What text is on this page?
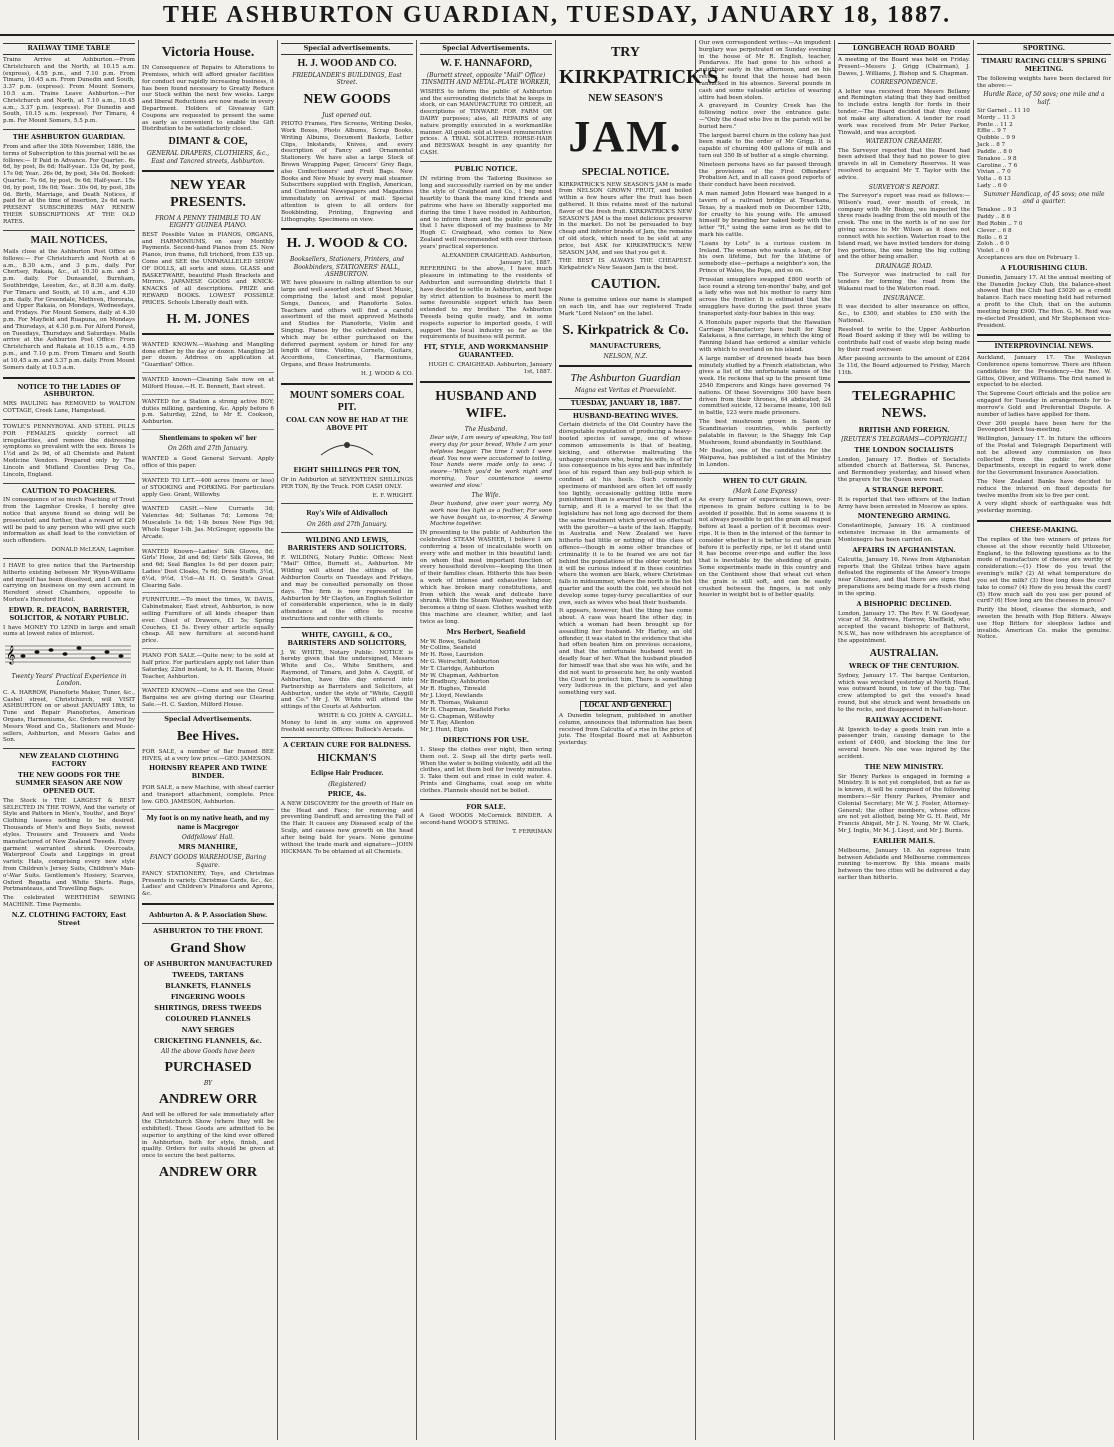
THE ASHBURTON GUARDIAN, TUESDAY, JANUARY 18, 1887.
RAILWAY TIME TABLE

Trains Arrive at Ashburton.—From Christchurch and the North, at 10.15 a.m. (express), 4.55 p.m., and 7.10 p.m. From Timaru, 10.45 a.m. From Dunedin and South, 3.37 p.m. (express). From Mount Somers, 10.5 a.m. Trains Leave Ashburton.—For Christchurch and North, at 7.10 a.m., 10.45 a.m., 3.37 p.m. (express). For Dunedin and South, 10.15 a.m. (express). For Timaru, 4 p.m. For Mount Somers, 5.5 p.m.

THE ASHBURTON GUARDIAN.

From and after the 30th November, 1886, the terms of Subscription to this journal will be as follows:— If Paid in Advance. For Quarter.. 6s 6d, by post, 8s 6d; Half-year.. 13s 0d, by post, 17s 0d; Year.. 26s 0d, by post, 34s 0d. Booked: Quarter.. 7s 6d, by post, 9s 6d; Half-year.. 15s 0d, by post, 19s 0d; Year.. 30s 0d, by post, 38s 0d. Birth, Marriage, and Death Notices, if paid for at the time of insertion, 2s 6d each. PRESENT SUBSCRIBERS MAY RENEW THEIR SUBSCRIPTIONS AT THE OLD RATES.

MAIL NOTICES.

Mails close at the Ashburton Post Office as follows:— For Christchurch and North at 6 a.m., 8.30 a.m., and 3 p.m., daily. For Chertsey, Rakaia, &c., at 10.30 a.m. and 3 p.m. daily. For Dunsandel, Burnham, Southbridge, Leeston, &c., at 8.30 a.m. daily. For Timaru and South, at 10 a.m., and 4.30 p.m. daily. For Greendale, Methven, Hororata, and Upper Rakaia, on Mondays, Wednesdays, and Fridays. For Mount Somers, daily at 4.30 p.m. For Mayfield and Ruapuna, on Mondays and Thursdays, at 4.30 p.m. For Alford Forest, on Tuesdays, Thursdays and Saturdays. Mails arrive at the Ashburton Post Office: From Christchurch and Rakaia at 10.15 a.m., 4.55 p.m., and 7.10 p.m. From Timaru and South at 10.45 a.m. and 3.37 p.m. daily. From Mount Somers daily at 10.5 a.m.

NOTICE TO THE LADIES OF ASHBURTON.

MRS PAULING has REMOVED to WALTON COTTAGE, Creek Lane, Hampstead.

TOWLE'S PENNYROYAL AND STEEL PILLS FOR FEMALES quickly correct all irregularities, and remove the distressing symptoms so prevalent with the sex. Boxes 1s 1½d and 2s 9d, of all Chemists and Patent Medicine Vendors. Prepared only by The Lincoln and Midland Counties Drug Co., Lincoln, England.

CAUTION TO POACHERS.

IN consequence of so much Poaching of Trout from the Lagmhor Creeks, I hereby give notice that anyone found so doing will be prosecuted; and further, that a reward of £20 will be paid to any person who will give such information as shall lead to the conviction of such offenders.

DONALD McLEAN, Lagmhor.

I HAVE to give notice that the Partnership hitherto existing between Mr Wynn-Williams and myself has been dissolved, and I am now carrying on business on my own account in Hereford street Chambers, opposite to Morten's Hereford Hotel.

EDWD. R. DEACON, BARRISTER, SOLICITOR, & NOTARY PUBLIC.

I have MONEY TO LEND in large and small sums at lowest rates of interest.

𝄞
Twenty Years' Practical Experience in London.

C. A. HARROW, Pianoforte Maker, Tuner, &c., Cashel street, Christchurch, will VISIT ASHBURTON on or about JANUARY 18th, to Tune and Repair Pianofortes, American Organs, Harmoniums, &c. Orders received by Messrs Wood and Co., Stationers and Music-sellers, Ashburton, and Messrs Gates and Son.

NEW ZEALAND CLOTHING FACTORY
THE NEW GOODS FOR THE SUMMER SEASON ARE NOW OPENED OUT.

The Stock is THE LARGEST & BEST SELECTED IN THE TOWN, And the variety of Style and Pattern in Men's, Youths', and Boys' Clothing leaves nothing to be desired. Thousands of Men's and Boys Suits, newest styles. Trousers and Trousers and Vests manufactured of New Zealand Tweeds. Every garment warranted shrunk. Overcoats, Waterproof Coats and Leggings in great variety. Hats, comprising every new style from Children's Jersey Suits, Children's Man-o'-War Suits. Gentlemen's Hosiery, Scarves, Oxford Regatta and White Shirts. Rugs, Portmanteaus, and Travelling Bags.

The celebrated WERTHEIM SEWING MACHINE. Time Payments.

N.Z. CLOTHING FACTORY, East Street
Victoria House.

IN Consequence of Repairs to Alterations to Premises, which will afford greater facilities for conduct our rapidly increasing business, it has been found necessary to Greatly Reduce our Stock within the next few weeks. Large and liberal Reductions are now made in every Department. Holders of Giveaway Gift Coupons are requested to present the same as early as convenient to enable the Gift Distribution to be satisfactorily closed.

DIMANT & COE,
GENERAL DRAPERS, CLOTHIERS, &c., East and Tancred streets, Ashburton.
NEW YEAR PRESENTS.
FROM A PENNY THIMBLE TO AN EIGHTY GUINEA PIANO.

BEST Possible Value in PIANOS, ORGANS, and HARMONIUMS, on easy Monthly Payments. Second-hand Pianos from £5. New Pianos, iron frame, full trichord, from £35 up. Come and SEE the UNPARALLELED SHOW OF DOLLS, all sorts and sizes. GLASS and BASKETWARE, beautiful Plush Brackets and Mirrors. JAPANESE GOODS and KNICK-KNACKS of all descriptions. PRIZE and REWARD BOOKS. LOWEST POSSIBLE PRICES. Schools Liberally dealt with.

H. M. JONES

WANTED KNOWN.—Washing and Mangling done either by the day or dozen. Mangling 3d per dozen. Address on application at "Guardian" Office.

WANTED known—Cleaning Sale now on at Milford House.—H. E. Bennett, East street.

WANTED for a Station a strong active BOY; duties milking, gardening, &c. Apply before 6 p.m. Saturday, 22nd, to Mr E. Cookson, Ashburton.

Shentlemans to spoken wi' her
On 26th and 27th January.

WANTED a Good General Servant. Apply office of this paper.

WANTED TO LET.—400 acres (more or less) of STOOKING and FORKING. For particulars apply Geo. Grant, Willowby.

WANTED CASH.—New Currants 3d; Valencias 4d; Sultanas 7d; Lemons 7d; Muscatels 1s 6d; 1-lb boxes New Figs 9d; Whole Sugar 1-lb. Jas. McGregor, opposite the Arcade.

WANTED Known—Ladies' Silk Gloves, 8d; Girls' Hose, 2d and 6d; Girls' Silk Gloves, 9d and 6d; Seal Bangles 1s 6d per dozen pair; Ladies' Dust Cloaks, 7s 6d; Dress Stuffs, 3½d, 6½d, 9½d, 1½d—At H. O. Smith's Great Clearing Sale.

FURNITURE.—To meet the times, W. DAVIS, Cabinetmaker, East street, Ashburton, is now selling Furniture of all kinds cheaper than ever. Chest of Drawers, £1 5s; Spring Couches, £1 5s. Every other article equally cheap. All new furniture at second-hand price.

PIANO FOR SALE.—Quite new; to be sold at half price. For particulars apply not later than Saturday, 22nd instant, to A. H. Bacon, Music Teacher, Ashburton.

WANTED KNOWN.—Come and see the Great Bargains we are giving during our Clearing Sale.—H. C. Saxton, Milford House.

Special Advertisements.
Bee Hives.

FOR SALE, a number of Bar framed BEE HIVES, at a very low price.—GEO. JAMESON.

HORNSBY REAPER AND TWINE BINDER.

FOR SALE, a new Machine, with sheaf carrier and transport attachment, complete. Price low. GEO. JAMESON, Ashburton.

My foot is on my native heath, and my name is Macgregor
Oddfellows' Hall.
MRS MANHIRE,
FANCY GOODS WAREHOUSE, Baring Square.

FANCY STATIONERY, Toys, and Christmas Presents in variety. Christmas Cards, &c., &c. Ladies' and Children's Pinafores and Aprons, &c.

Ashburton A. & P. Association Show.
ASHBURTON TO THE FRONT.
Grand Show
OF ASHBURTON MANUFACTURED
TWEEDS, TARTANS
BLANKETS, FLANNELS
FINGERING WOOLS
SHIRTINGS, DRESS TWEEDS
COLOURED FLANNELS
NAVY SERGES
CRICKETING FLANNELS, &c.
All the above Goods have been
PURCHASED
BY
ANDREW ORR

And will be offered for sale immediately after the Christchurch Show (where they will be exhibited). These Goods are admitted to be superior to anything of the kind ever offered in Ashburton, both for style, finish, and quality. Orders for suits should be given at once to secure the best patterns.

ANDREW ORR
Special advertisements.
H. J. WOOD AND CO.
FRIEDLANDER'S BUILDINGS, East Street.
NEW GOODS
Just opened out.

PHOTO Frames, Fire Screens, Writing Desks, Work Boxes, Photo Albums, Scrap Books, Writing Albums, Document Baskets, Letter Clips, Inkstands, Knives, and every description of Fancy and Ornamental Stationery. We have also a large Stock of Brown Wrapping Paper, Grocers' Grey Bags, also Confectioners' and Fruit Bags. New Books and New Music by every mail steamer. Subscribers supplied with English, American, and Continental Newspapers and Magazines immediately on arrival of mail. Special attention is given to all orders for Bookbinding, Printing, Engraving and Lithography. Specimens on view.

H. J. WOOD & CO.
Booksellers, Stationers, Printers, and Bookbinders, STATIONERS' HALL, ASHBURTON.

WE have pleasure in calling attention to our large and well assorted stock of Sheet Music, comprising the latest and most popular Songs, Dances, and Pianoforte Solos. Teachers and others will find a careful assortment of the most approved Methods and Studies for Pianoforte, Violin and Singing. Pianos by the celebrated makers, which may be either purchased on the deferred payment system or hired for any length of time. Violins, Cornets, Guitars, Accordions, Concertinas, Harmoniums, Organs, and Brass Instruments.

H. J. WOOD & CO.
MOUNT SOMERS COAL PIT.
COAL CAN NOW BE HAD AT THE ABOVE PIT
EIGHT SHILLINGS PER TON,

Or in Ashburton at SEVENTEEN SHILLINGS PER TON, By the Truck. FOR CASH ONLY.

E. F. WRIGHT.
Roy's Wife of Aldivalloch
On 26th and 27th January.
WILDING AND LEWIS, BARRISTERS AND SOLICITORS.

F. WILDING, Notary Public. Offices: Next "Mail" Office, Burnett st., Ashburton. Mr Wilding will attend the sittings of the Ashburton Courts on Tuesdays and Fridays, and may be consulted personally on those days. The firm is now represented in Ashburton by Mr Clayton, an English Solicitor of considerable experience, who is in daily attendance at the office to receive instructions and confer with clients.

WHITE, CAYGILL, & CO., BARRISTERS AND SOLICITORS,

J. W. WHITE, Notary Public. NOTICE is hereby given that the undersigned, Messrs White and Co., White Smithers, and Raymond, of Timaru, and John A. Caygill, of Ashburton, have this day entered into Partnership as Barristers and Solicitors, at Ashburton, under the style of "White, Caygill and Co." Mr J. W. White will attend the sittings of the Courts at Ashburton.

WHITE & CO. JOHN A. CAYGILL.

Money to lend in any sums on approved freehold security. Offices: Bullock's Arcade.

A CERTAIN CURE FOR BALDNESS.
HICKMAN'S
Eclipse Hair Producer.
(Registered)
PRICE, 4s.

A NEW DISCOVERY for the growth of Hair on the Head and Face; for removing and preventing Dandruff, and arresting the Fall of the Hair. It causes any Diseased scalp of the Scalp, and causes new growth on the head after being bald for years. None genuine without the trade mark and signature—JOHN HICKMAN. To be obtained at all Chemists.

Special Advertisements.
W. F. HANNAFORD,
(Burnett street, opposite "Mail" Office) TINSMITH AND METAL-PLATE WORKER,

WISHES to inform the public of Ashburton and the surrounding districts that he keeps in stock, or can MANUFACTURE TO ORDER, all descriptions of TINWARE FOR FARM OR DAIRY purposes; also, all REPAIRS of any nature promptly executed in a workmanlike manner. All goods sold at lowest remunerative prices. A TRIAL SOLICITED. HORSE-HAIR and BEESWAX bought in any quantity for CASH.

PUBLIC NOTICE.

IN retiring from the Tailoring Business so long and successfully carried on by me under the style of Craighead and Co., I beg most heartily to thank the many kind friends and patrons who have so liberally supported me during the time I have resided in Ashburton, and to inform them and the public generally that I have disposed of my business to Mr Hugh C. Craighead, who comes to New Zealand well recommended with over thirteen years' practical experience.

ALEXANDER CRAIGHEAD. Ashburton, January 1st, 1887.

REFERRING to the above, I have much pleasure in intimating to the residents of Ashburton and surrounding districts that I have decided to settle in Ashburton, and hope by strict attention to business to merit the same favourable support which has been extended to my brother. The Ashburton Tweeds being quite ready, and in some respects superior to imported goods, I will support the local industry so far as the requirements of business will permit.

FIT, STYLE, AND WORKMANSHIP GUARANTEED.
HUGH C. CRAIGHEAD. Ashburton, January 1st, 1887.
HUSBAND AND WIFE.
The Husband.

Dear wife, I am weary of speaking, You toil every day for your bread, While I am your helpless beggar. The time I wish I were dead. You now were accustomed to toiling, Your hands were made only to sew; I swore—'Which you'd be work night and morning, Your countenance seems wearied and slow.'

The Wife.

Dear husband, give over your worry, My work now lies light as a feather, For soon we have bought us, to-morrow, A Sewing Machine together.

IN presenting to the public of Ashburton the celebrated STEAM WASHER, I believe I am conferring a boon of incalculable worth on every wife and mother in this beautiful land; on whom that most important function of every household devolves—keeping the linen of their families clean. Hitherto this has been a work of intense and exhaustive labour, which has broken many constitutions, and from which the weak and delicate have shrunk. With the Steam Washer, washing day becomes a thing of ease. Clothes washed with this machine are cleaner, whiter, and last twice as long.

Mrs Herbert, Seafield
Mr W. Bowe, Seafield
Mr Collins, Seafield
Mr H. Rose, Lauriston
Mr G. Weirschiff, Ashburton
Mr T. Claridge, Ashburton
Mr W. Chapman, Ashburton
Mr Bradbury, Ashburton
Mr R. Hughes, Tinwald
Mr J. Lloyd, Newlands
Mr R. Thomas, Wakanui
Mr H. Chapman, Seafield Forks
Mr G. Chapman, Willowby
Mr T. Ray, Allenton
Mr J. Hunt, Elgin
DIRECTIONS FOR USE.

1. Steep the clothes over night, then wring them out. 2. Soap all the dirty parts well. When the water is boiling violently, add all the clothes, and let them boil for twenty minutes. 3. Take them out and rinse in cold water. 4. Prints and Ginghams, coat soap on white clothes. Flannels should not be boiled.

FOR SALE.

A Good WOODS McCormick BINDER. A second-hand WOOD'S STRING.

T. FERRIMAN
TRY
KIRKPATRICK'S
NEW SEASON'S
JAM.
SPECIAL NOTICE.

KIRKPATRICK'S NEW SEASON'S JAM is made from NELSON GROWN FRUIT, and boiled within a few hours after the fruit has been gathered. It thus retains most of the natural flavor of the fresh fruit. KIRKPATRICK'S NEW SEASON'S JAM is the most delicious preserve in the market. Do not be persuaded to buy cheap and inferior brands of Jam, the remains of old stock, which need to be sold at any price, but ASK for KIRKPATRICK'S NEW SEASON JAM, and see that you get it.

THE BEST IS ALWAYS THE CHEAPEST. Kirkpatrick's New Season Jam is the best.

CAUTION.

None is genuine unless our name is stamped on each tin, and has our registered Trade Mark "Lord Nelson" on the label.

S. Kirkpatrick & Co.
MANUFACTURERS,
NELSON, N.Z.
The Ashburton Guardian
Magna est Veritas et Praevalebit.
TUESDAY, JANUARY 18, 1887.
HUSBAND-BEATING WIVES.

Certain districts of the Old Country have the disreputable reputation of producing a heavy-booted species of savage, one of whose common amusements is that of beating, kicking, and otherwise maltreating the unhappy creature who, being his wife, is of far less consequence in his eyes and has infinitely less of his regard than any bull-pup which is confined at his heels. Such commonly specimens of manhood are often let off easily too lightly, occasionally getting little more punishment than is awarded for the theft of a turnip, and it is a marvel to us that the legislature has not long ago decreed for them the same treatment which proved so effectual with the garotter—a taste of the lash. Happily, in Australia and New Zealand we have hitherto had little or nothing of this class of offence—though in some other branches of criminality it is to be feared we are not far behind the populations of the older world; but it will be curious indeed if in these countries where the women are black, where Christmas falls in midsummer, where the north is the hot quarter and the south the cold, we should not develop some topsy-turvy peculiarities of our own, such as wives who beat their husbands.

It appears, however, that the thing has come about. A case was heard the other day, in which a woman had been brought up for assaulting her husband. Mr Harley, an old offender, it was stated in the evidence that she had often beaten him on previous occasions, and that the unfortunate husband went in deadly fear of her. What the husband pleaded for himself was that she was his wife, and he did not want to prosecute her, he only wanted the Court to protect him. There is something very ludicrous in the picture, and yet also something very sad.

LOCAL AND GENERAL

A Dunedin telegram, published in another column, announces that information has been received from Calcutta of a rise in the price of jute. The Hospital Board met at Ashburton yesterday.

Our own correspondent writes:—An impudent burglary was perpetrated on Sunday evening in the house of Mr R. English, teacher, Pendarves. He had gone to his school a neighbor early in the afternoon, and on his return he found that the house had been ransacked in his absence. Several pounds in cash and some valuable articles of wearing attire had been stolen.

A graveyard in Country Creek has the following notice over the entrance gate:—"Only the dead who live in the parish will be buried here."

The largest barrel churn in the colony has just been made to the order of Mr Grigg. It is capable of churning 400 gallons of milk and turn out 350 lb of butter at a single churning.

Nineteen persons have so far passed through the provisions of the First Offenders' Probation Act, and in all cases good reports of their conduct have been received.

A man named John Howard was hanged in a tavern of a railroad bridge at Texarkana, Texas, by a masked mob on December 12th, for cruelty to his young wife. He amused himself by branding her naked body with the letter "H," using the same iron as he did to mark his cattle.

"Loans by Lots" is a curious custom in Ireland. The woman who wants a loan, or for his own lifetime, but for the lifetime of somebody else—perhaps a neighbor's son, the Prince of Wales, the Pope, and so on.

Prussian smugglers swapped £800 worth of lace round a strong ten-months' baby, and got a lady who was not his mother to carry him across the frontier. It is estimated that the smugglers have during the past three years transported sixty-four babies in this way.

A Honolulu paper reports that the Hawaiian Carriage Manufactory have built for King Kalakaua, a fine carriage, in which the king of Fanning Island has ordered a similar vehicle with which to overland on his island.

A large number of drowned heads has been minutely studied by a French statistician, who gives a list of the unfortunate names of the week. He reckons that up to the present time 2540 Emperors and Kings have governed 74 nations. Of these Sovereigns 300 have been driven from their thrones, 64 abdicated, 24 committed suicide, 12 became insane, 100 fell in battle, 123 were made prisoners.

The best mushroom grown in Saxon or Scandinavian countries, while perfectly palatable in flavour, is the Shaggy Ink Cap Mushroom, found abundantly in Southland.

Mr Beaton, one of the candidates for the Waipawa, has published a list of the Ministry in London.

WHEN TO CUT GRAIN.
(Mark Lane Express)

As every farmer of experience knows, over-ripeness in grain before cutting is to be avoided if possible. But in some seasons it is not always possible to get the grain all reaped before at least a portion of it becomes over-ripe. It is then in the interest of the farmer to consider whether it is better to cut the grain before it is perfectly ripe, or let it stand until it has become over-ripe and suffer the loss that is inevitable by the shedding of grain. Some experiments made in this country and on the Continent show that wheat cut when the grain is still soft, and can be easily crushed between the fingers, is not only heavier in weight but is of better quality.

LONGBEACH ROAD BOARD

A meeting of the Board was held on Friday. Present—Messrs J. Grigg (Chairman), J. Dawes, J. Williams, J. Bishop and S. Chapman.

CORRESPONDENCE.

A letter was received from Messrs Bellamy and Remington stating that they had omitted to include extra length for fords in their tender.—The Board decided that they could not make any alteration. A tender for road work was received from Mr Peter Parker, Tinwald, and was accepted.

WATERTON CREAMERY.

The Surveyor reported that the Board had been advised that they had no power to give gravels in all in Cemetery Reserves. It was resolved to acquaint Mr T. Taylor with the advice.

SURVEYOR'S REPORT.

The Surveyor's report was read as follows:—Wilson's road, over mouth of creek, in company with Mr Bishop, we inspected the three roads leading from the old mouth of the creek. The one in the north is of no use for giving access to Mr Wilson as it does not connect with his section. Waterton road to the Island road, we have invited tenders for doing two portions, the one being the big cutting and the other being smaller.

DRAINAGE ROAD.

The Surveyor was instructed to call for tenders for forming the road from the Wakanui road to the Waterton road.

INSURANCE.

It was decided to alter insurance on office, &c., to £300, and stables to £50 with the National.

Resolved to write to the Upper Ashburton Road Board asking if they will be willing to contribute half cost of waste stop being made by their road overseer.

After passing accounts to the amount of £264 3s 11d, the Board adjourned to Friday, March 11th.

TELEGRAPHIC NEWS.
BRITISH AND FOREIGN.
[REUTER'S TELEGRAMS—COPYRIGHT.]
THE LONDON SOCIALISTS

London, January 17. Bodies of Socialists attended church at Battersea, St. Pancras, and Bermondsey yesterday, and hissed when the prayers for the Queen were read.

A STRANGE REPORT.

It is reported that two officers of the Indian Army have been arrested in Moscow as spies.

MONTENEGRO ARMING.

Constantinople, January 16. A continued extensive increase in the armaments of Montenegro has been carried on.

AFFAIRS IN AFGHANISTAN.

Calcutta, January 16. News from Afghanistan reports that the Ghilzai tribes have again defeated the regiments of the Ameer's troops near Ghuznee, and that there are signs that preparations are being made for a fresh rising in the spring.

A BISHOPRIC DECLINED.

London, January 17. The Rev. F. W. Goodyear, vicar of St. Andrews, Harrow, Sheffield, who accepted the vacant bishopric of Bathurst, N.S.W., has now withdrawn his acceptance of the appointment.

AUSTRALIAN.
WRECK OF THE CENTURION.

Sydney, January 17. The barque Centurion, which was wrecked yesterday at North Head, was outward bound, in tow of the tug. The crew attempted to get the vessel's head round, but she struck and went broadside on to the rocks, and disappeared in half-an-hour.

RAILWAY ACCIDENT.

At Ipswich to-day a goods train ran into a passenger train, causing damage to the extent of £400, and blocking the line for several hours. No one was injured by the accident.

THE NEW MINISTRY.

Sir Henry Parkes is engaged in forming a Ministry. It is not yet completed, but as far as is known, it will be composed of the following members:—Sir Henry Parkes, Premier and Colonial Secretary; Mr W. J. Foster, Attorney-General; the other members, whose offices are not yet allotted, being Mr G. H. Reid, Mr Francis Abigail, Mr J. N. Young, Mr W. Clark, Mr J. Inglis, Mr M. J. Lloyd, and Mr J. Burns.

EARLIER MAILS.

Melbourne, January 18. An express train between Adelaide and Melbourne commences running to-morrow. By this means mails between the two cities will be delivered a day earlier than hitherto.

SPORTING.
TIMARU RACING CLUB'S SPRING MEETING.

The following weights have been declared for the above:—

Hurdle Race, of 50 sovs; one mile and a half.
Sir Garnet .. 11 10
Mordy .. 11 3
Ponte .. 11 2
Effie .. 9 7
Quibble .. 9 9
Jack .. 8 7
Paddle .. 8 0
Tenakoe .. 9 8
Caroline .. 7 6
Vivian .. 7 0
Volta .. 6 13
Lady .. 6 0
Summer Handicap, of 45 sovs; one mile and a quarter.
Tenakoe .. 9 3
Paddy .. 8 6
Red Robin .. 7 0
Clever .. 6 8
Rollo .. 6 2
Zoloh .. 6 0
Violet .. 6 0

Acceptances are due on February 1.

A FLOURISHING CLUB.

Dunedin, January 17. At the annual meeting of the Dunedin Jockey Club, the balance-sheet showed that the Club had £3020 as a credit balance. Each race meeting held had returned a profit to the Club, that on the autumn meeting being £900. The Hon. G. M. Reid was re-elected President, and Mr Stephenson vice-President.

INTERPROVINCIAL NEWS.

Auckland, January 17. The Wesleyan Conference opens tomorrow. There are fifteen candidates for the Presidency—the Rev. W. Gittos, Oliver, and Williams. The first named is expected to be elected.

The Supreme Court officials and the police are engaged for Tuesday in arrangements for to-morrow's Gold and Preferential Dispute. A number of ladies have applied for them.

Over 200 people have been here for the Devonport block tea-meeting.

Wellington, January 17. In future the officers of the Postal and Telegraph Department will not be allowed any commission on fees collected from the public for other Departments, except in regard to work done for the Government Insurance Association.

The New Zealand Banks have decided to reduce the interest on fixed deposits for twelve months from six to five per cent.

A very slight shock of earthquake was felt yesterday morning.

CHEESE-MAKING.

The replies of the two winners of prizes for cheese at the show recently held Uttoxeter, England, to the following questions as to the mode of manufacture of cheese are worthy of consideration:—(1) How do you treat the evening's milk? (2) At what temperature do you set the milk? (3) How long does the curd take to come? (4) How do you break the curd? (5) How much salt do you use per pound of curd? (6) How long are the cheeses in press?

Purify the blood, cleanse the stomach, and sweeten the breath with Hop Bitters. Always use Hop Bitters for sleepless ladies and invalids. American Co. make the genuine. Notice.
